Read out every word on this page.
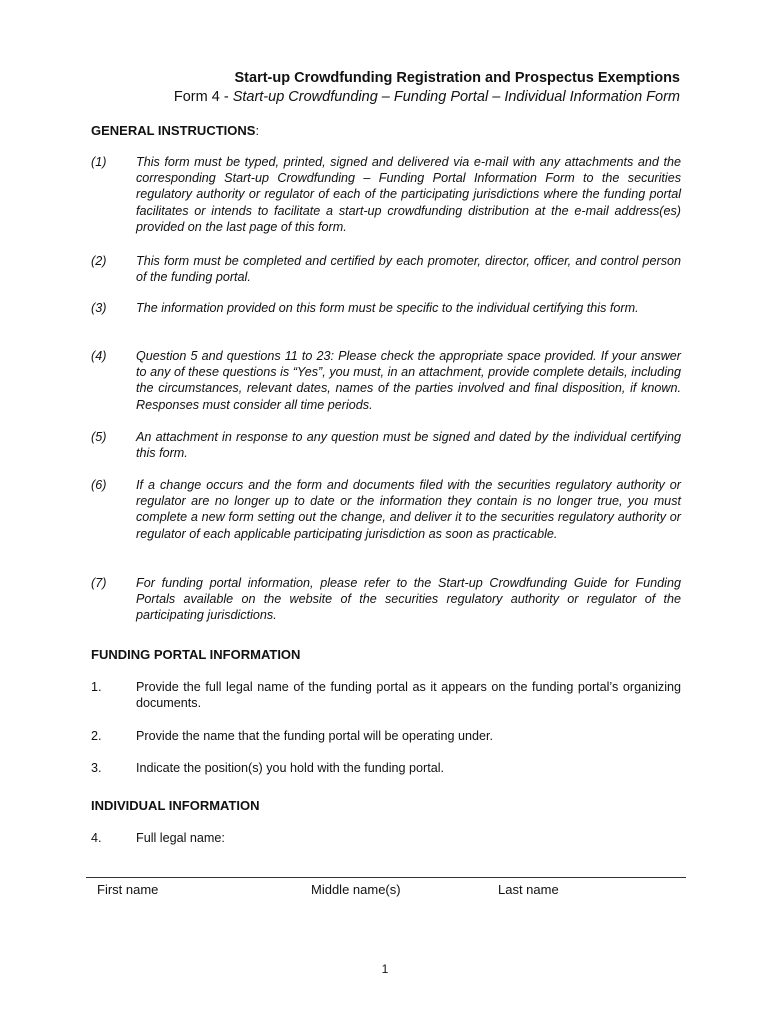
Start-up Crowdfunding Registration and Prospectus Exemptions
Form 4 - Start-up Crowdfunding – Funding Portal – Individual Information Form
GENERAL INSTRUCTIONS:
(1)	This form must be typed, printed, signed and delivered via e-mail with any attachments and the corresponding Start-up Crowdfunding – Funding Portal Information Form to the securities regulatory authority or regulator of each of the participating jurisdictions where the funding portal facilitates or intends to facilitate a start-up crowdfunding distribution at the e-mail address(es) provided on the last page of this form.
(2)	This form must be completed and certified by each promoter, director, officer, and control person of the funding portal.
(3)	The information provided on this form must be specific to the individual certifying this form.
(4)	Question 5 and questions 11 to 23: Please check the appropriate space provided. If your answer to any of these questions is “Yes”, you must, in an attachment, provide complete details, including the circumstances, relevant dates, names of the parties involved and final disposition, if known. Responses must consider all time periods.
(5)	An attachment in response to any question must be signed and dated by the individual certifying this form.
(6)	If a change occurs and the form and documents filed with the securities regulatory authority or regulator are no longer up to date or the information they contain is no longer true, you must complete a new form setting out the change, and deliver it to the securities regulatory authority or regulator of each applicable participating jurisdiction as soon as practicable.
(7)	For funding portal information, please refer to the Start-up Crowdfunding Guide for Funding Portals available on the website of the securities regulatory authority or regulator of the participating jurisdictions.
FUNDING PORTAL INFORMATION
1.	Provide the full legal name of the funding portal as it appears on the funding portal’s organizing documents.
2.	Provide the name that the funding portal will be operating under.
3.	Indicate the position(s) you hold with the funding portal.
INDIVIDUAL INFORMATION
4.	Full legal name:
First name	Middle name(s)	Last name
1
